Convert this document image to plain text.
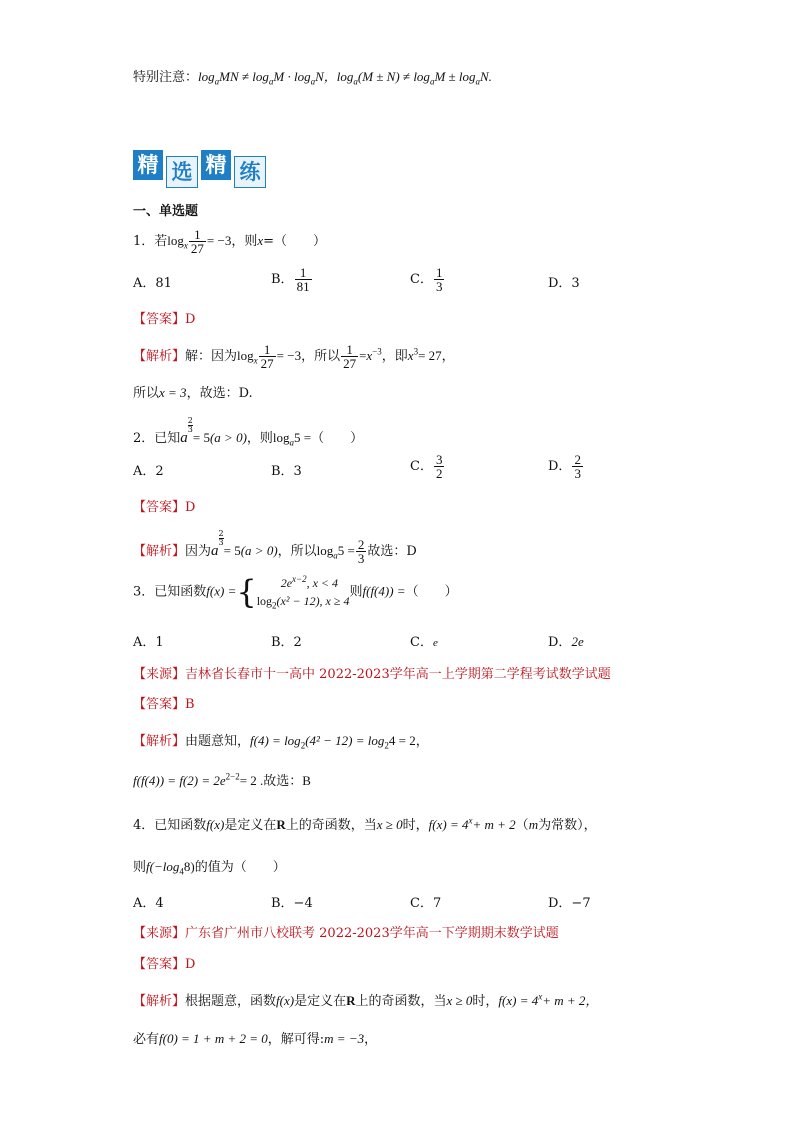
特别注意：$\log_aMN \ne \log_aM \cdot \log_aN$，$\log_a(M \pm N) \ne \log_aM \pm \log_aN$.
精 选 精 练
一、单选题
1．若$\log_x \frac{1}{27} = -3$，则x=（　　）
A．81	B． $\frac{1}{81}$	C． $\frac{1}{3}$	D．3
【答案】D
【解析】解：因为$\log_x \frac{1}{27} = -3$，所以 $\frac{1}{27} =x^{-3}$，即$x^3= 27$，
所以x = 3，故选：D.
2．已知a
$^{\frac{2}{3}}$
= 5(a > 0)，则$\log_a5$ =（　　）
A．2	B．3	C． $\frac{3}{2}$	D． $\frac{2}{3}$
【答案】D
【解析】因为a
$^{\frac{2}{3}}$
= 5(a > 0)，所以$\log_a5 = \frac{2}{3}$ 故选：D
3．已知函数f(x) ={	$2e^{x-2}$, x < 4
$\log_2(x^2 - 12)$, x ≥ 4
则f(f(4)) =（　　）
A．1	B．2	C．e	D．2e
【来源】吉林省长春市十一高中 2022-2023学年高一上学期第二学程考试数学试题
【答案】B
【解析】由题意知，$f(4) = \log_2(4^2 - 12) = \log_24 = 2$，
$f(f(4)) = f(2) = 2e^{2-2}= 2$ .故选：B
4．已知函数f(x)是定义在R上的奇函数，当x ≥ 0时，$f(x) = 4^x+ m + 2(m$为常数），
则$f(-\log_48)$的值为（　　）
A．4	B．−4	C．7	D．−7
【来源】广东省广州市八校联考 2022-2023学年高一下学期期末数学试题
【答案】D
【解析】根据题意，函数f(x)是定义在R上的奇函数，当x ≥ 0时，$f(x) = 4^x+ m + 2$，
必有f(0) = 1 + m + 2 = 0，解可得:m = −3，
